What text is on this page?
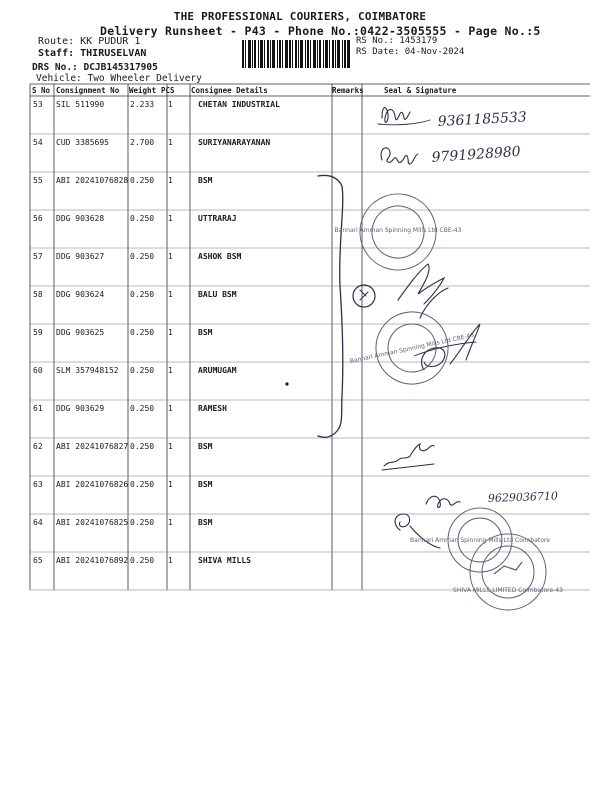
THE PROFESSIONAL COURIERS, COIMBATORE
Delivery Runsheet - P43 - Phone No.:0422-3505555 - Page No.:5
Route: KK PUDUR 1
Staff: THIRUSELVAN
DRS No.: DCJB145317905
Vehicle: Two Wheeler Delivery
RS No.: 1453179
RS Date: 04-Nov-2024
S No Consignment No Weight PCS Consignee Details	Remarks	Seal & Signature
53 SIL 511990	2.233 1	CHETAN INDUSTRIAL
54 CUD 3385695	2.700 1	SURIYANARAYANAN
55 ABI 20241076828 0.250 1	BSM
56 DDG 903628	0.250 1	UTTRARAJ
57 DDG 903627	0.250 1	ASHOK BSM
58 DDG 903624	0.250 1	BALU BSM
59 DDG 903625	0.250 1	BSM
60 SLM 357948152 0.250 1	ARUMUGAM
61 DDG 903629	0.250 1	RAMESH
62 ABI 20241076827 0.250 1	BSM
63 ABI 20241076826 0.250 1	BSM
64 ABI 20241076825 0.250 1	BSM
65 ABI 20241076892 0.250 1	SHIVA MILLS
9361185533
9791928980
9629036710
Bannari Amman Spinning Mills Ltd CBE-43
Bannari Amman Spinning Mills Ltd CBE-43
Bannari Amman Spinning Mills Ltd Coimbatore
SHIVA MILLS LIMITED Coimbatore-43
